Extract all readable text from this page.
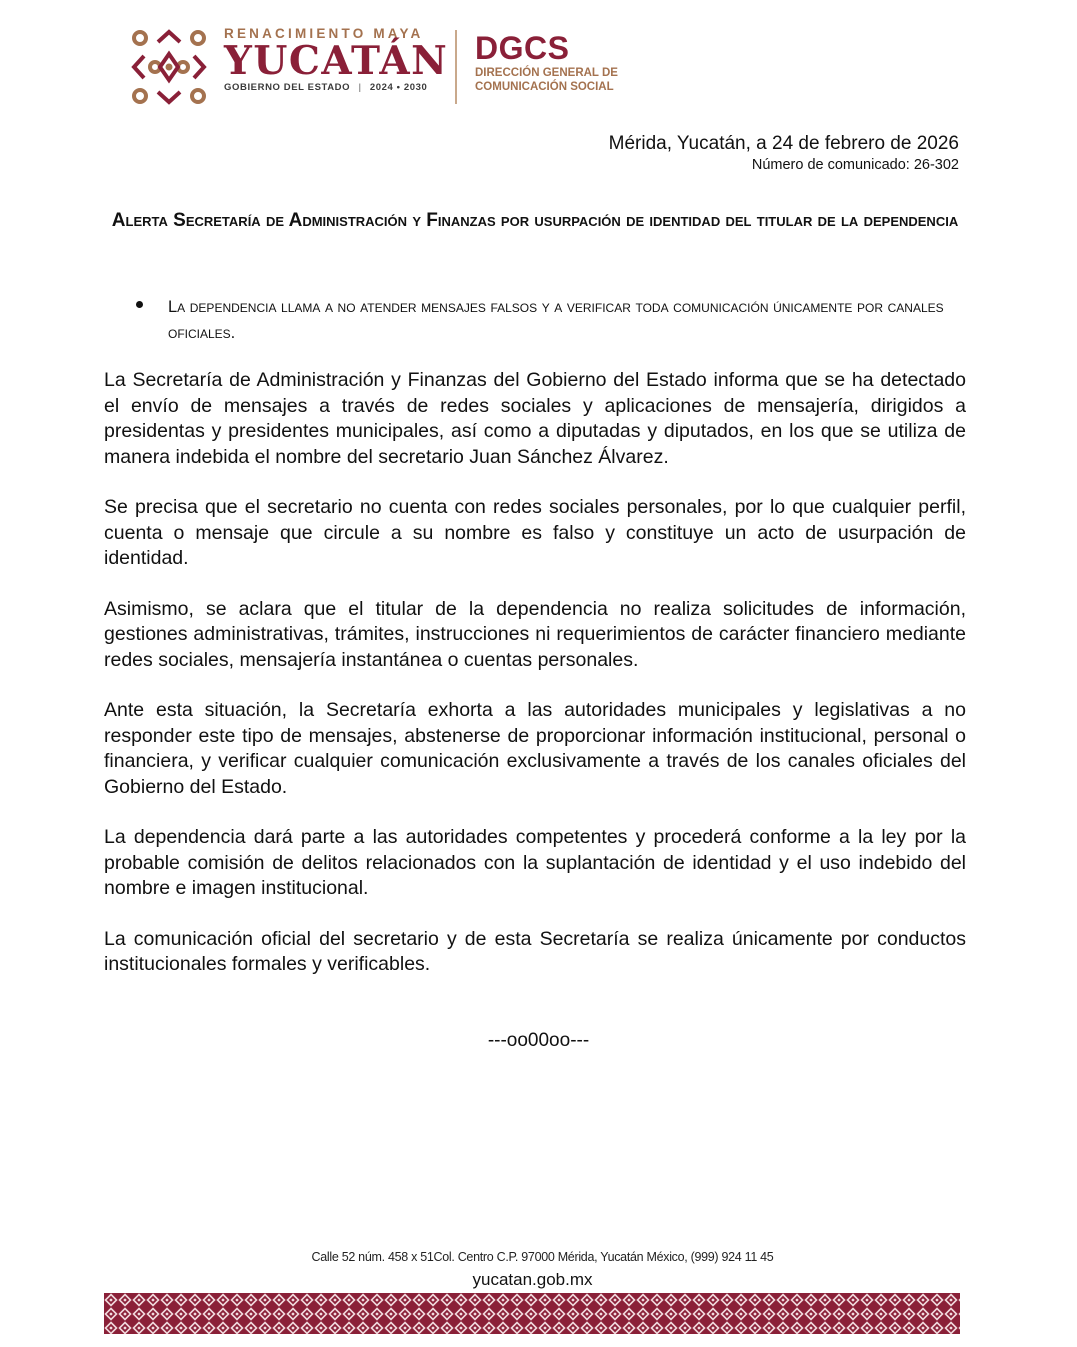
RENACIMIENTO MAYA
YUCATÁN
GOBIERNO DEL ESTADO | 2024 • 2030
DGCS
DIRECCIÓN GENERAL DE
COMUNICACIÓN SOCIAL
Mérida, Yucatán, a 24 de febrero de 2026
Número de comunicado: 26-302
Alerta Secretaría de Administración y Finanzas por usurpación de identidad del titular de la dependencia
La dependencia llama a no atender mensajes falsos y a verificar toda comunicación únicamente por canales oficiales.

La Secretaría de Administración y Finanzas del Gobierno del Estado informa que se ha detectado el envío de mensajes a través de redes sociales y aplicaciones de mensajería, dirigidos a presidentas y presidentes municipales, así como a diputadas y diputados, en los que se utiliza de manera indebida el nombre del secretario Juan Sánchez Álvarez.

Se precisa que el secretario no cuenta con redes sociales personales, por lo que cualquier perfil, cuenta o mensaje que circule a su nombre es falso y constituye un acto de usurpación de identidad.

Asimismo, se aclara que el titular de la dependencia no realiza solicitudes de información, gestiones administrativas, trámites, instrucciones ni requerimientos de carácter financiero mediante redes sociales, mensajería instantánea o cuentas personales.

Ante esta situación, la Secretaría exhorta a las autoridades municipales y legislativas a no responder este tipo de mensajes, abstenerse de proporcionar información institucional, personal o financiera, y verificar cualquier comunicación exclusivamente a través de los canales oficiales del Gobierno del Estado.

La dependencia dará parte a las autoridades competentes y procederá conforme a la ley por la probable comisión de delitos relacionados con la suplantación de identidad y el uso indebido del nombre e imagen institucional.

La comunicación oficial del secretario y de esta Secretaría se realiza únicamente por conductos institucionales formales y verificables.

---oo00oo---
Calle 52 núm. 458 x 51Col. Centro C.P. 97000 Mérida, Yucatán México, (999) 924 11 45
yucatan.gob.mx
